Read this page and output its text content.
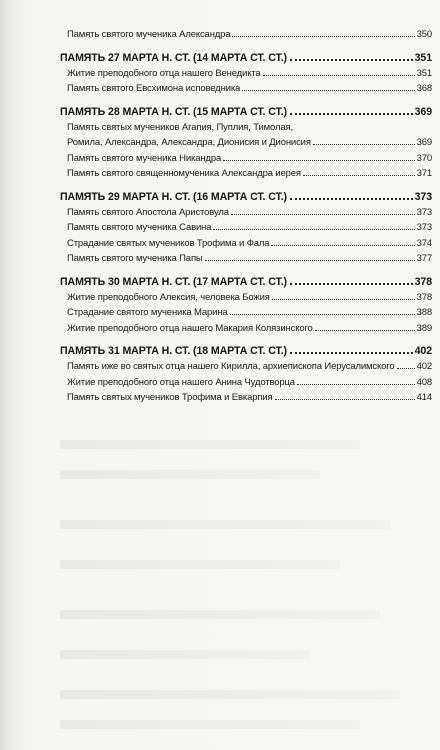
Память святого мученика Александра	350
ПАМЯТЬ 27 МАРТА Н. СТ. (14 МАРТА СТ. СТ.)	351
Житие преподобного отца нашего Венедикта	351
Память святого Евсхимона исповедника	368
ПАМЯТЬ 28 МАРТА Н. СТ. (15 МАРТА СТ. СТ.)	369
Память святых мучеников Агапия, Пуплия, Тимолая,
Ромила, Александра, Александра, Дионисия и Дионисия	369
Память святого мученика Никандра	370
Память святого священномученика Александра иерея	371
ПАМЯТЬ 29 МАРТА Н. СТ. (16 МАРТА СТ. СТ.)	373
Память святого Апостола Аристовула	373
Память святого мученика Савина	373
Страдание святых мучеников Трофима и Фала	374
Память святого мученика Папы	377
ПАМЯТЬ 30 МАРТА Н. СТ. (17 МАРТА СТ. СТ.)	378
Житие преподобного Алексия, человека Божия	378
Страдание святого мученика Марина	388
Житие преподобного отца нашего Макария Колязинского	389
ПАМЯТЬ 31 МАРТА Н. СТ. (18 МАРТА СТ. СТ.)	402
Память иже во святых отца нашего Кирилла, архиепископа Иерусалимского 402
Житие преподобного отца нашего Анина Чудотворца	408
Память святых мучеников Трофима и Евкарпия	414
